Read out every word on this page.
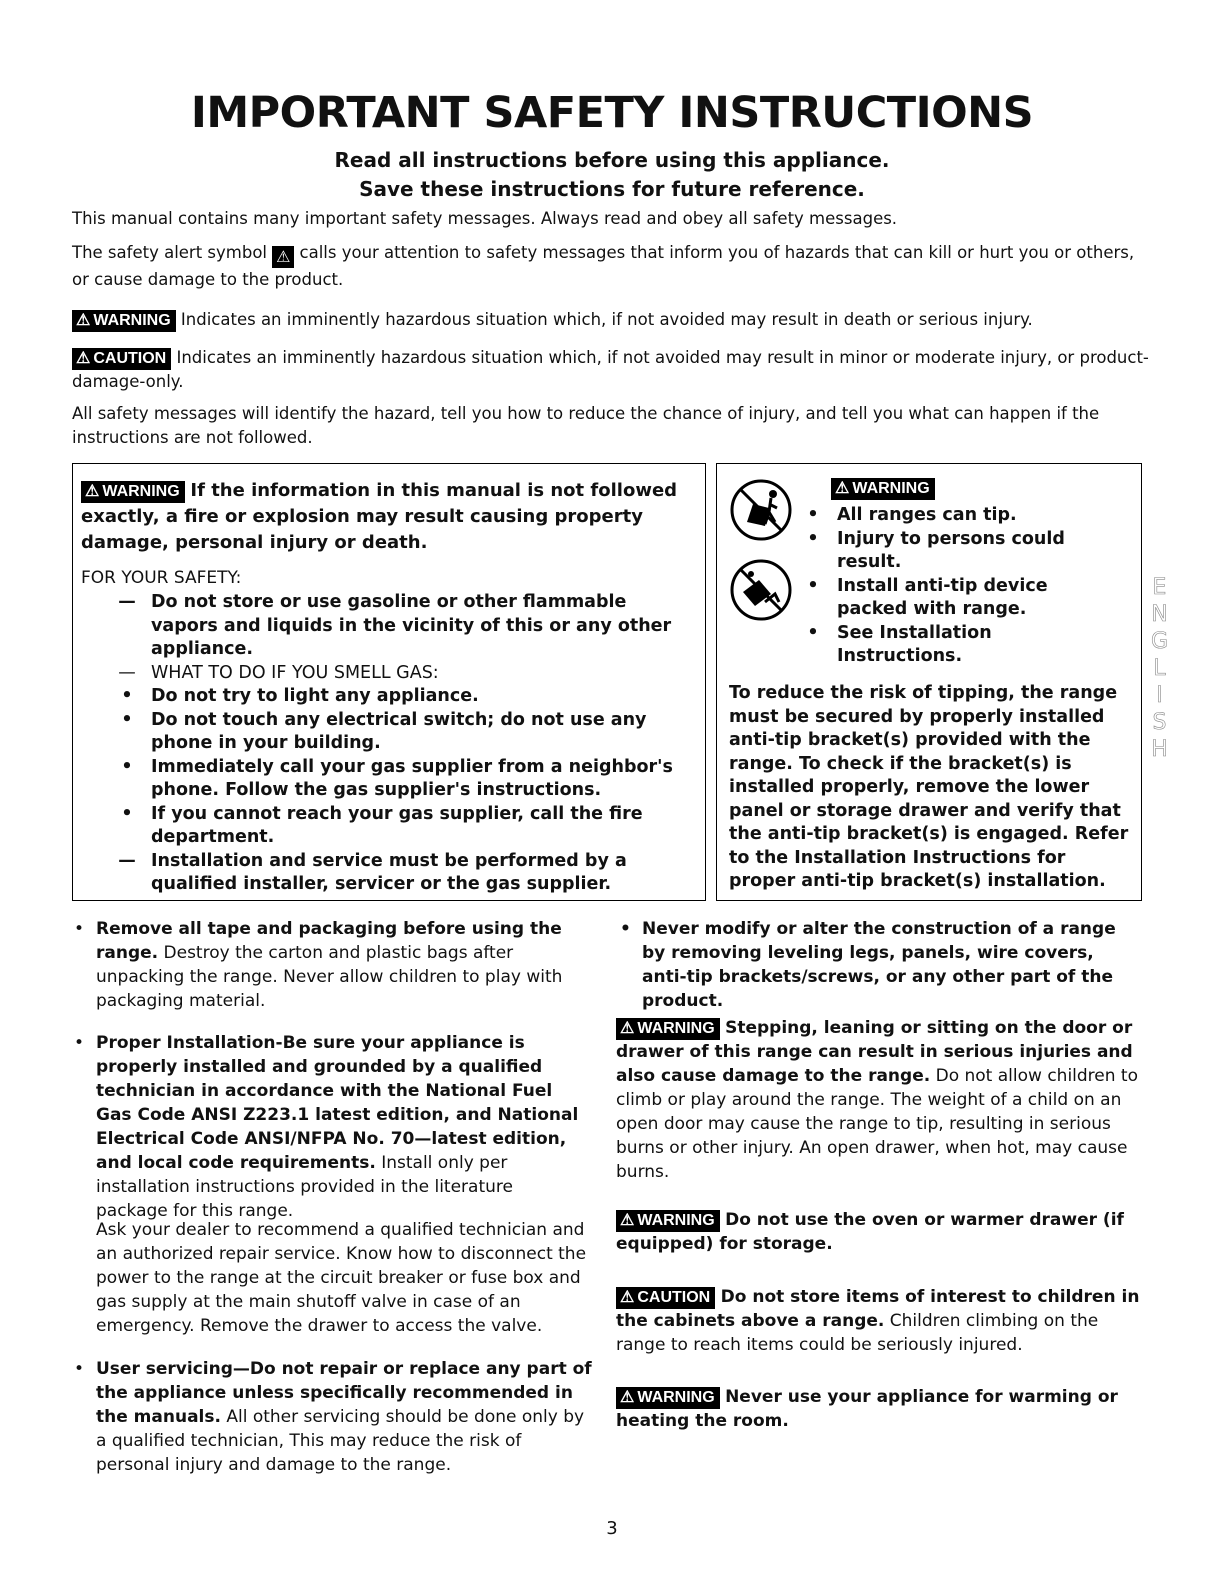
IMPORTANT SAFETY INSTRUCTIONS
Read all instructions before using this appliance.
Save these instructions for future reference.
This manual contains many important safety messages. Always read and obey all safety messages.
The safety alert symbol ⚠ calls your attention to safety messages that inform you of hazards that can kill or hurt you or others, or cause damage to the product.
⚠ WARNING Indicates an imminently hazardous situation which, if not avoided may result in death or serious injury.
⚠ CAUTION Indicates an imminently hazardous situation which, if not avoided may result in minor or moderate injury, or product-damage-only.
All safety messages will identify the hazard, tell you how to reduce the chance of injury, and tell you what can happen if the instructions are not followed.
⚠ WARNING If the information in this manual is not followed exactly, a fire or explosion may result causing property damage, personal injury or death.
FOR YOUR SAFETY:
— Do not store or use gasoline or other flammable vapors and liquids in the vicinity of this or any other appliance.
— WHAT TO DO IF YOU SMELL GAS:
• Do not try to light any appliance.
• Do not touch any electrical switch; do not use any phone in your building.
• Immediately call your gas supplier from a neighbor's phone. Follow the gas supplier's instructions.
• If you cannot reach your gas supplier, call the fire department.
— Installation and service must be performed by a qualified installer, servicer or the gas supplier.
⚠ WARNING
• All ranges can tip.
• Injury to persons could result.
• Install anti-tip device packed with range.
• See Installation Instructions.
To reduce the risk of tipping, the range must be secured by properly installed anti-tip bracket(s) provided with the range. To check if the bracket(s) is installed properly, remove the lower panel or storage drawer and verify that the anti-tip bracket(s) is engaged. Refer to the Installation Instructions for proper anti-tip bracket(s) installation.
ENGLISH
• Remove all tape and packaging before using the range. Destroy the carton and plastic bags after unpacking the range. Never allow children to play with packaging material.
• Proper Installation-Be sure your appliance is properly installed and grounded by a qualified technician in accordance with the National Fuel Gas Code ANSI Z223.1 latest edition, and National Electrical Code ANSI/NFPA No. 70—latest edition, and local code requirements. Install only per installation instructions provided in the literature package for this range.
Ask your dealer to recommend a qualified technician and an authorized repair service. Know how to disconnect the power to the range at the circuit breaker or fuse box and gas supply at the main shutoff valve in case of an emergency. Remove the drawer to access the valve.
• User servicing—Do not repair or replace any part of the appliance unless specifically recommended in the manuals. All other servicing should be done only by a qualified technician, This may reduce the risk of personal injury and damage to the range.
• Never modify or alter the construction of a range by removing leveling legs, panels, wire covers, anti-tip brackets/screws, or any other part of the product.
⚠ WARNING Stepping, leaning or sitting on the door or drawer of this range can result in serious injuries and also cause damage to the range. Do not allow children to climb or play around the range. The weight of a child on an open door may cause the range to tip, resulting in serious burns or other injury. An open drawer, when hot, may cause burns.
⚠ WARNING Do not use the oven or warmer drawer (if equipped) for storage.
⚠ CAUTION Do not store items of interest to children in the cabinets above a range. Children climbing on the range to reach items could be seriously injured.
⚠ WARNING Never use your appliance for warming or heating the room.
3
